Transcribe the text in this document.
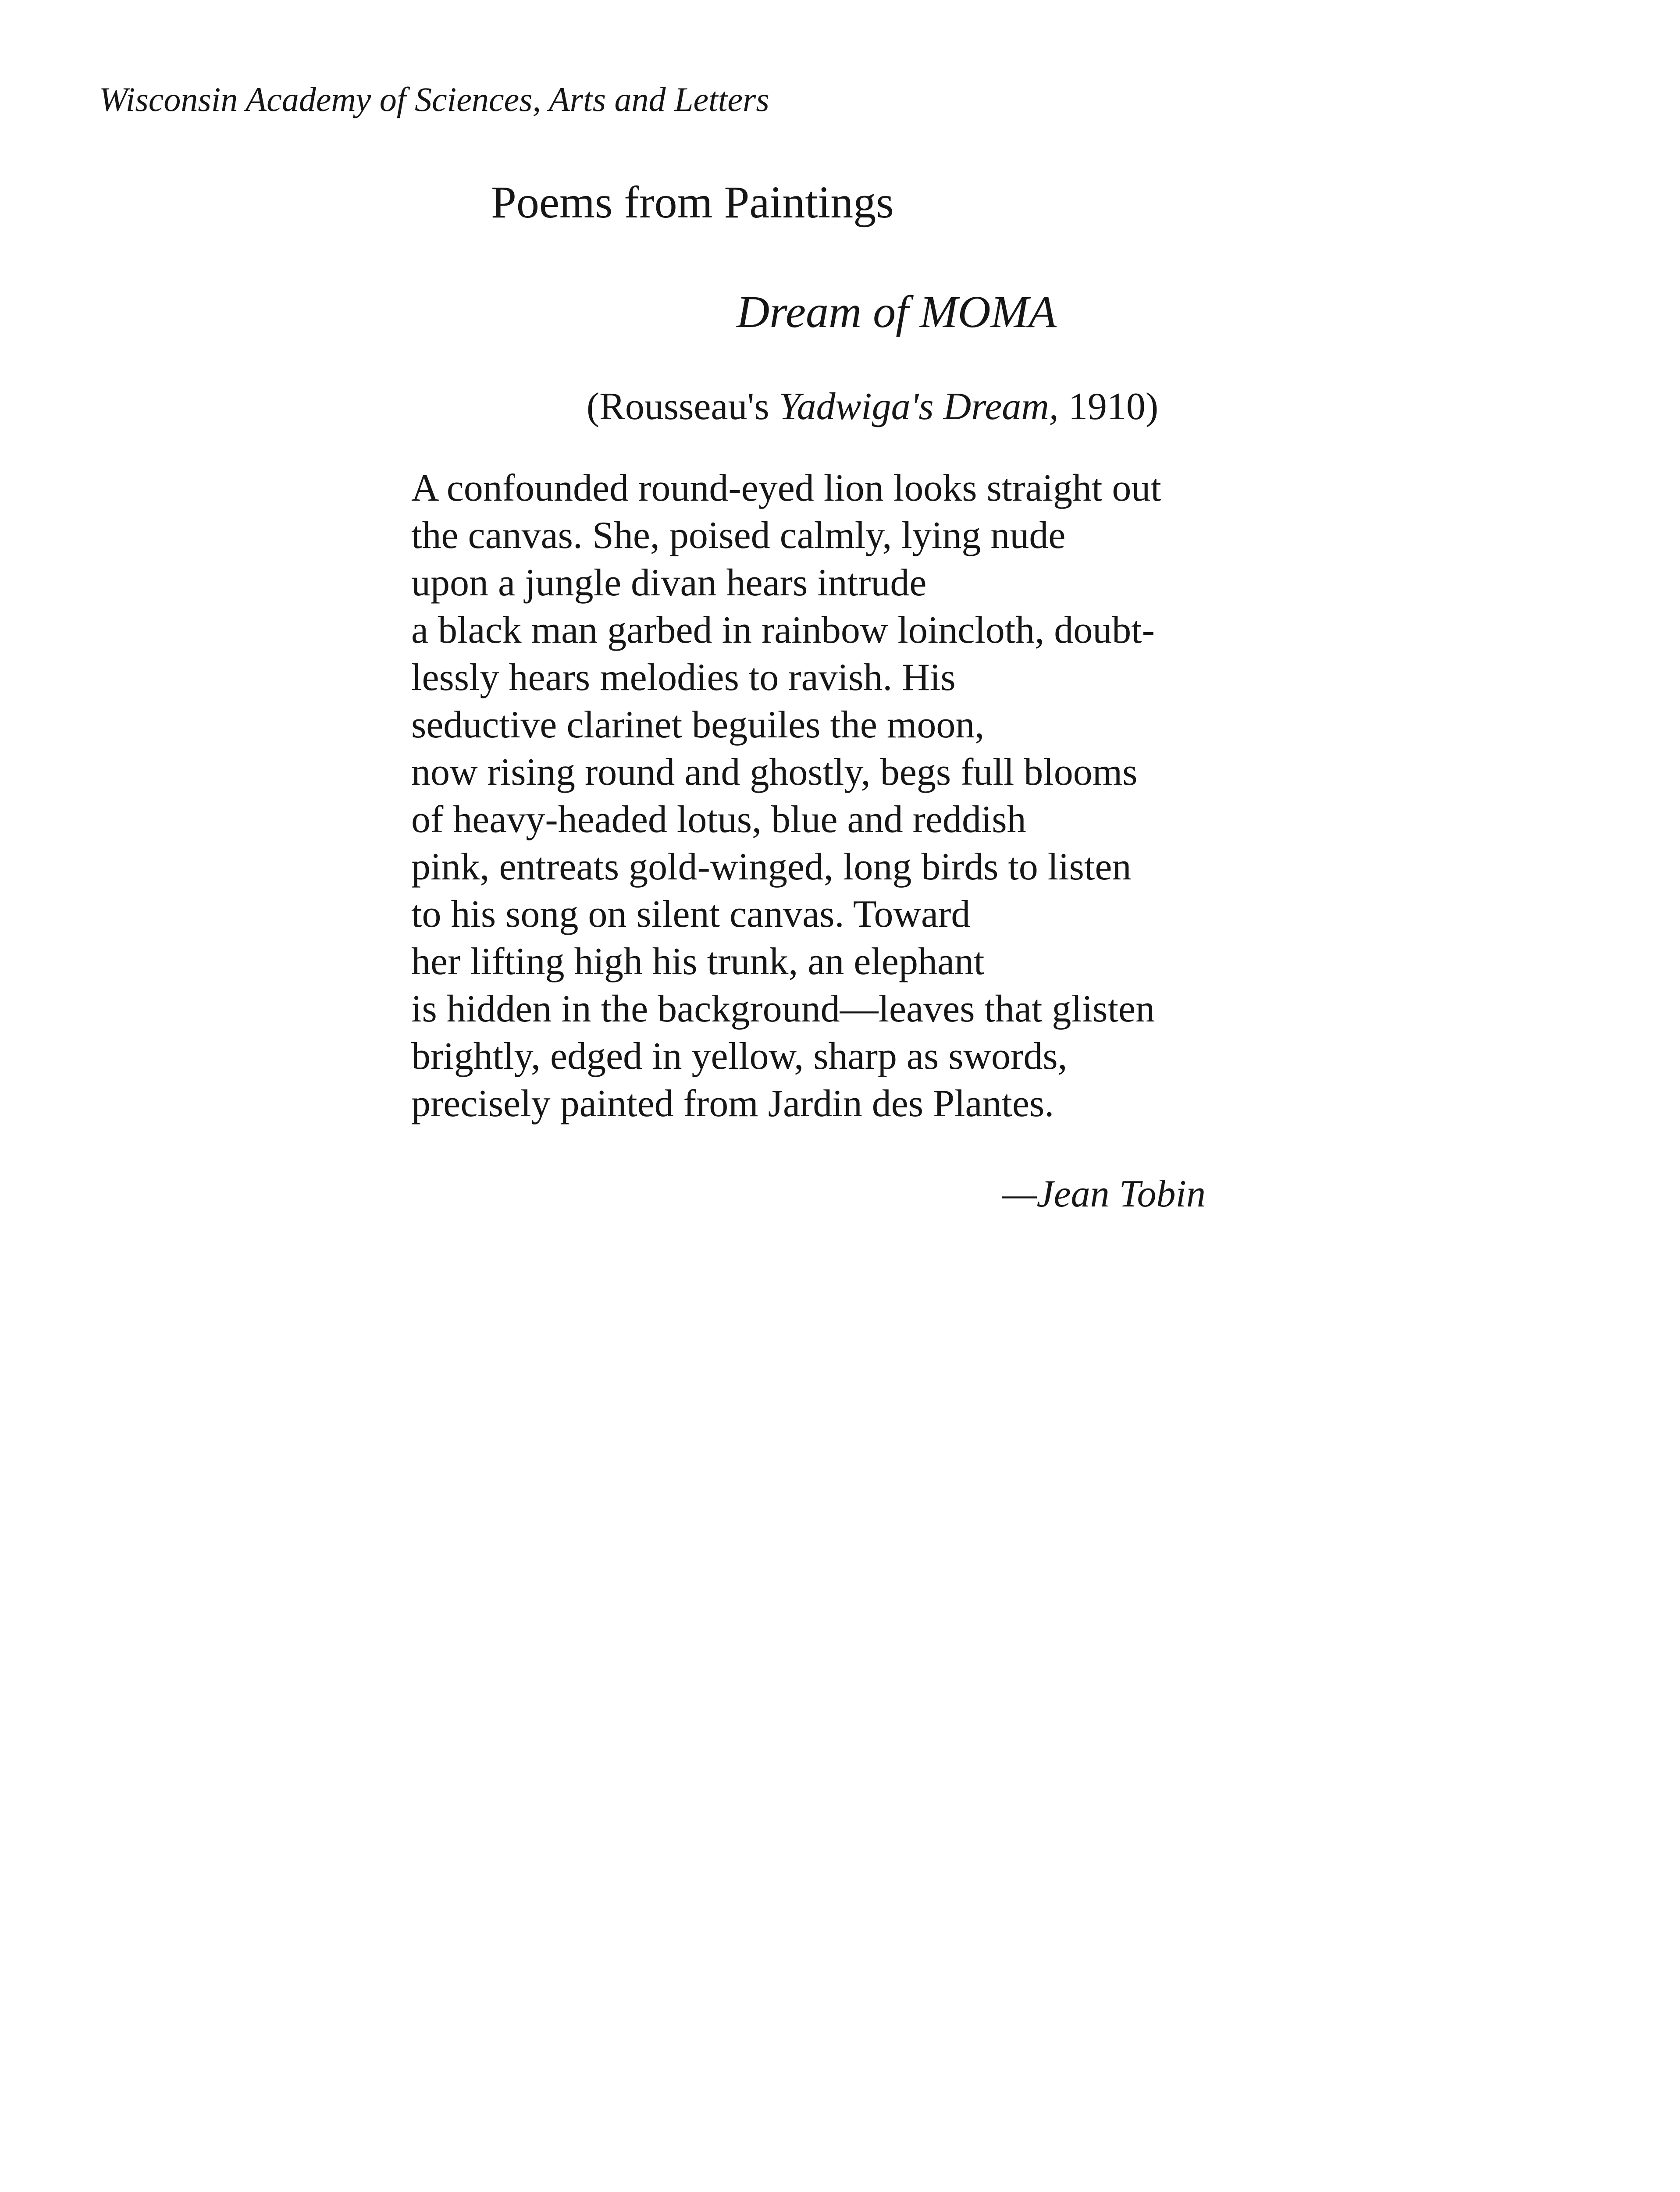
Wisconsin Academy of Sciences, Arts and Letters
Poems from Paintings
Dream of MOMA
(Rousseau's Yadwiga's Dream, 1910)
A confounded round-eyed lion looks straight out
the canvas. She, poised calmly, lying nude
upon a jungle divan hears intrude
a black man garbed in rainbow loincloth, doubt-
lessly hears melodies to ravish. His
seductive clarinet beguiles the moon,
now rising round and ghostly, begs full blooms
of heavy-headed lotus, blue and reddish
pink, entreats gold-winged, long birds to listen
to his song on silent canvas. Toward
her lifting high his trunk, an elephant
is hidden in the background—leaves that glisten
brightly, edged in yellow, sharp as swords,
precisely painted from Jardin des Plantes.
—Jean Tobin
